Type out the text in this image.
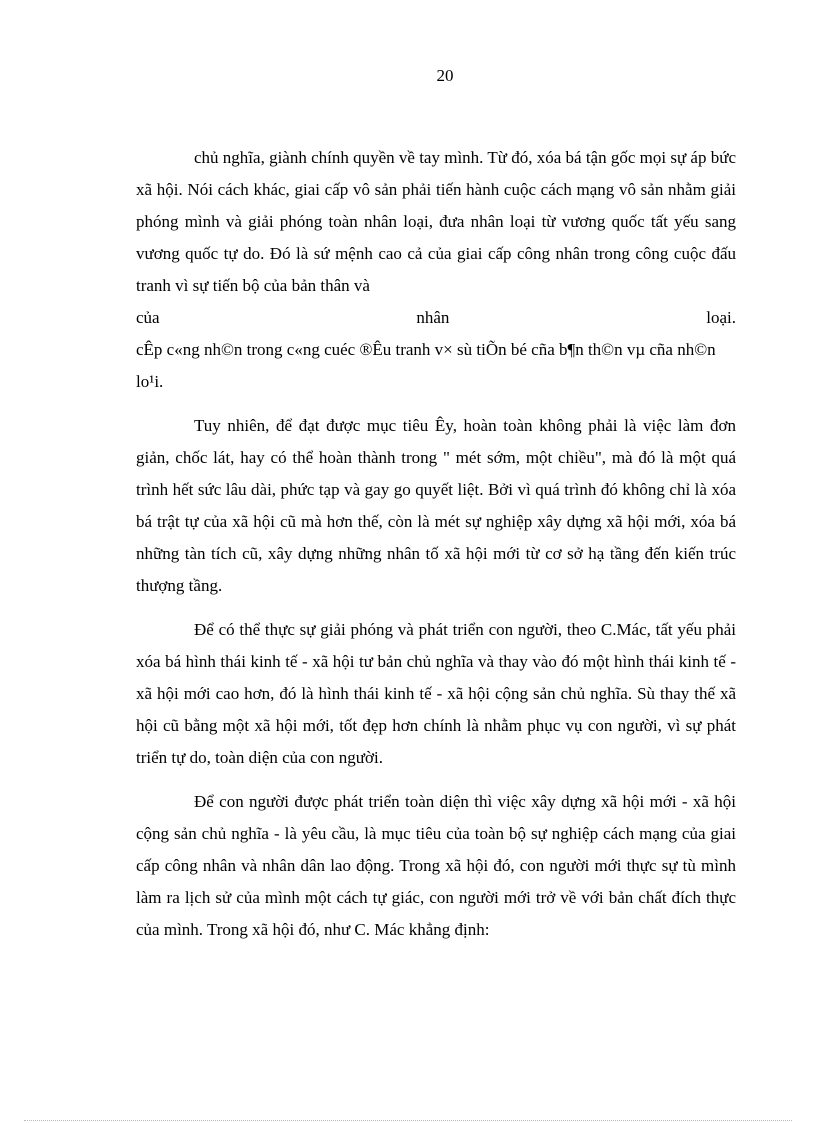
20

chủ nghĩa, giành chính quyền về tay mình. Từ đó, xóa bá tận gốc mọi sự áp bức xã hội. Nói cách khác, giai cấp vô sản phải tiến hành cuộc cách mạng vô sản nhằm giải phóng mình và giải phóng toàn nhân loại, đưa nhân loại từ vương quốc tất yếu sang vương quốc tự do. Đó là sứ mệnh cao cả của giai cấp công nhân trong công cuộc đấu tranh vì sự tiến bộ của bản thân và

của	nhân	loại.

cÊp c«ng nh©n trong c«ng cuéc ®Êu tranh v× sù tiÕn bé cña b¶n th©n vµ cña nh©n lo¹i.

Tuy nhiên, để đạt được mục tiêu Êy, hoàn toàn không phải là việc làm đơn giản, chốc lát, hay có thể hoàn thành trong " mét sớm, một chiều", mà đó là một quá trình hết sức lâu dài, phức tạp và gay go quyết liệt. Bởi vì quá trình đó không chỉ là xóa bá trật tự của xã hội cũ mà hơn thế, còn là mét sự nghiệp xây dựng xã hội mới, xóa bá những tàn tích cũ, xây dựng những nhân tố xã hội mới từ cơ sở hạ tầng đến kiến trúc thượng tầng.

Để có thể thực sự giải phóng và phát triển con người, theo C.Mác, tất yếu phải xóa bá hình thái kinh tế - xã hội tư bản chủ nghĩa và thay vào đó một hình thái kinh tế - xã hội mới cao hơn, đó là hình thái kinh tế - xã hội cộng sản chủ nghĩa. Sù thay thế xã hội cũ bằng một xã hội mới, tốt đẹp hơn chính là nhằm phục vụ con người, vì sự phát triển tự do, toàn diện của con người.

Để con người được phát triển toàn diện thì việc xây dựng xã hội mới - xã hội cộng sản chủ nghĩa - là yêu cầu, là mục tiêu của toàn bộ sự nghiệp cách mạng của giai cấp công nhân và nhân dân lao động. Trong xã hội đó, con người mới thực sự tù mình làm ra lịch sử của mình một cách tự giác, con người mới trở về với bản chất đích thực của mình. Trong xã hội đó, như C. Mác khẳng định:
